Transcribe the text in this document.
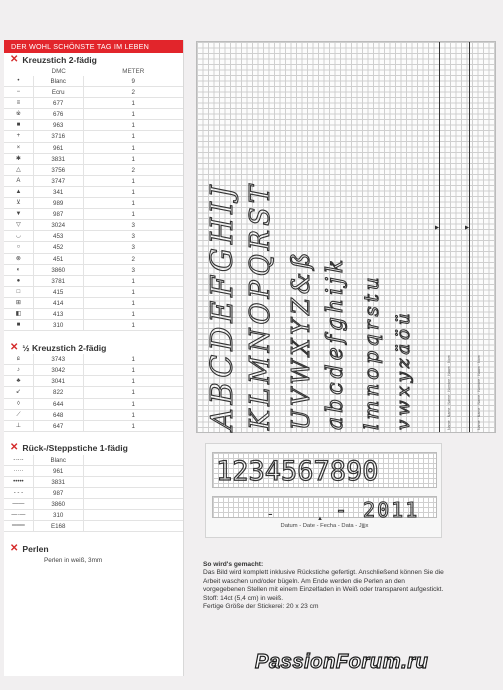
DER WOHL SCHÖNSTE TAG IM LEBEN
✕ Kreuzstich 2-fädig
DMC	METER
•	Blanc	9
−	Ecru	2
≡	677	1
※	676	1
■	963	1
+	3716	1
×	961	1
✱	3831	1
△	3756	2
A	3747	1
▲	341	1
⊻	989	1
▼	987	1
▽	3024	3
◡	453	3
○	452	3
⊗	451	2
◐	3860	3
●	3781	1
□	415	1
⊞	414	1
◧	413	1
■	310	1
✕ ½ Kreuzstich 2-fädig
ɕ	3743	1
♪	3042	1
♣	3041	1
↙	822	1
◊	644	1
⟋	648	1
⊥	647	1
✕ Rück-/Steppstiche 1-fädig
-·-·-	Blanc
·····	961
•••••	3831
- - -	987
——	3860
—·—	310
═══	E168
✕ Perlen
Perlen in weiß, 3mm
ABCDEFGHIJ KLMNOPQRST UVWXYZ&ß abcdefghijk lmnopqrstu vwxyzäöü
▼	▼
Name · Name · Name · Nombre · Naam · Nom	Name · Name · Name · Nombre · Naam · Nom
1234567890
-	- 2011
▲
Datum - Date - Fecha - Data - Jjjjx
So wird's gemacht:
Das Bild wird komplett inklusive Rückstiche gefertigt. Anschließend können Sie die Arbeit waschen und/oder bügeln. Am Ende werden die Perlen an den vorgegebenen Stellen mit einem Einzelfaden in Weiß oder transparent aufgestickt.
Stoff: 14ct (5,4 cm) in weiß.
Fertige Größe der Stickerei: 20 x 23 cm
PassionForum.ru
